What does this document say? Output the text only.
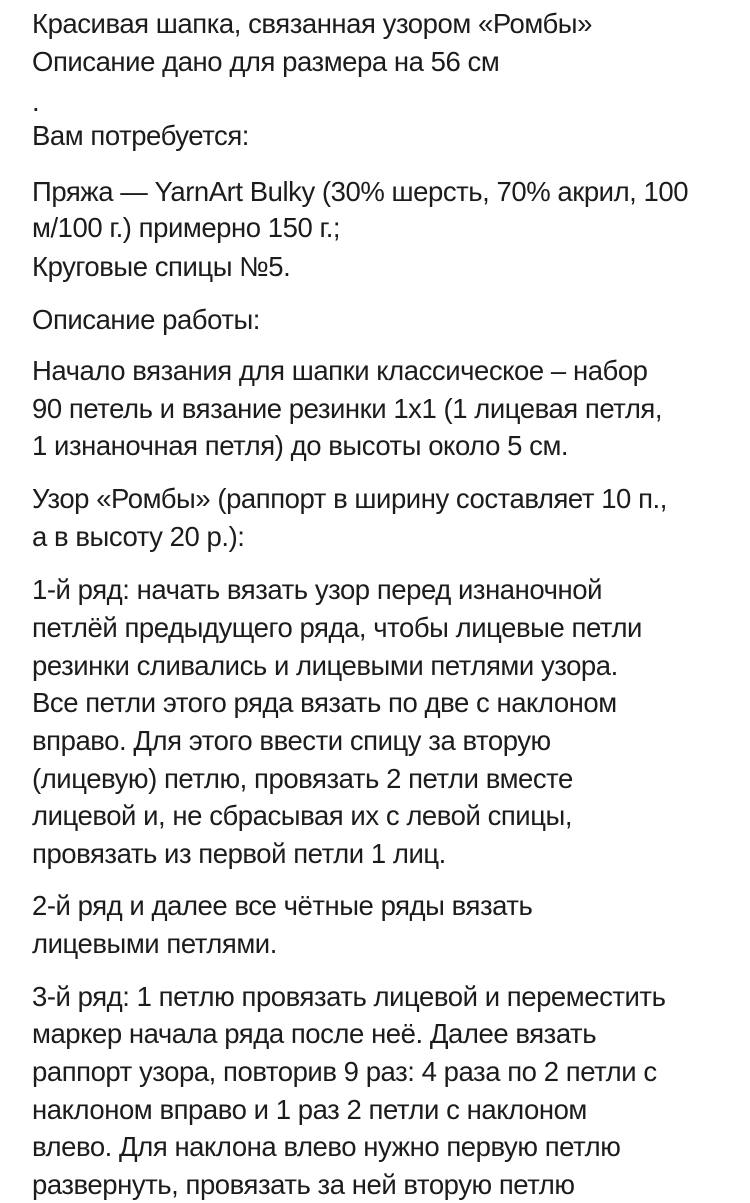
Красивая шапка, связанная узором «Ромбы»
Описание дано для размера на 56 см
.
Вам потребуется:
Пряжа — YarnArt Bulky (30% шерсть, 70% акрил, 100
м/100 г.) примерно 150 г.;
Круговые спицы №5.
Описание работы:
Начало вязания для шапки классическое – набор
90 петель и вязание резинки 1x1 (1 лицевая петля,
1 изнаночная петля) до высоты около 5 см.
Узор «Ромбы» (раппорт в ширину составляет 10 п.,
а в высоту 20 р.):
1-й ряд: начать вязать узор перед изнаночной
петлёй предыдущего ряда, чтобы лицевые петли
резинки сливались и лицевыми петлями узора.
Все петли этого ряда вязать по две с наклоном
вправо. Для этого ввести спицу за вторую
(лицевую) петлю, провязать 2 петли вместе
лицевой и, не сбрасывая их с левой спицы,
провязать из первой петли 1 лиц.
2-й ряд и далее все чётные ряды вязать
лицевыми петлями.
3-й ряд: 1 петлю провязать лицевой и переместить
маркер начала ряда после неё. Далее вязать
раппорт узора, повторив 9 раз: 4 раза по 2 петли с
наклоном вправо и 1 раз 2 петли с наклоном
влево. Для наклона влево нужно первую петлю
развернуть, провязать за ней вторую петлю
